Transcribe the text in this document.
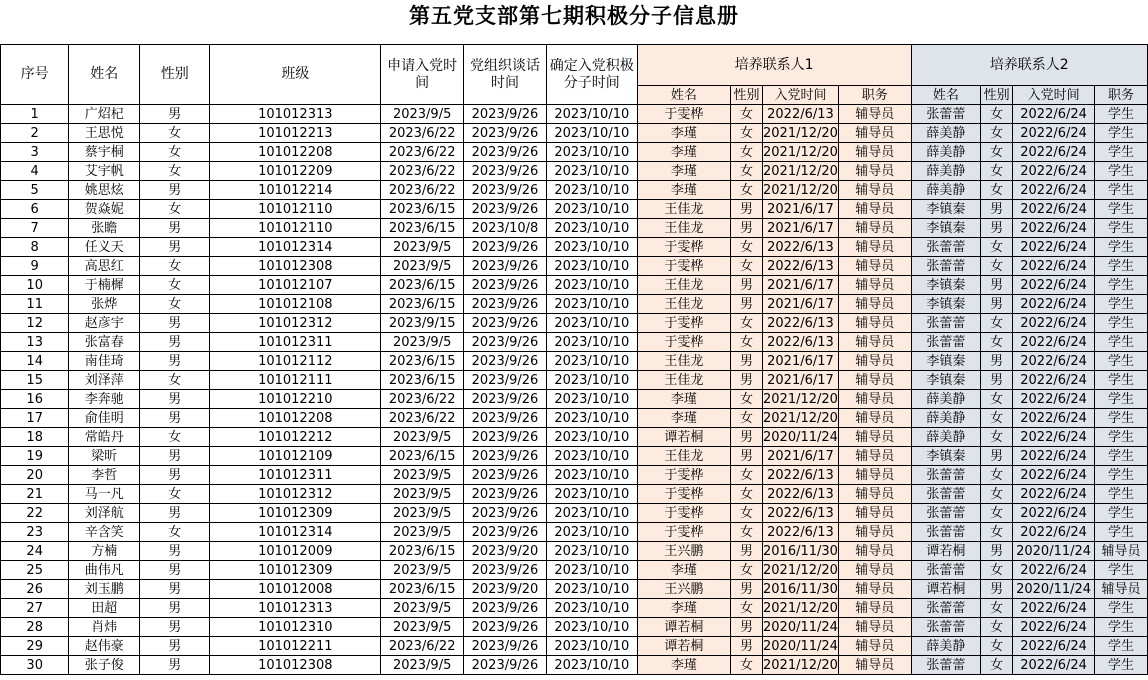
第五党支部第七期积极分子信息册
序号	姓名	性别	班级	申请入党时间	党组织谈话时间	确定入党积极分子时间	培养联系人1				培养联系人2			
							姓名	性别	入党时间	职务	姓名	性别	入党时间	职务
1	广炤杞	男	101012313	2023/9/5	2023/9/26	2023/10/10	于雯桦	女	2022/6/13	辅导员	张蕾蕾	女	2022/6/24	学生
2	王思悦	女	101012213	2023/6/22	2023/9/26	2023/10/10	李瑾	女	2021/12/20	辅导员	薛美静	女	2022/6/24	学生
3	蔡宇桐	女	101012208	2023/6/22	2023/9/26	2023/10/10	李瑾	女	2021/12/20	辅导员	薛美静	女	2022/6/24	学生
4	艾宇帆	女	101012209	2023/6/22	2023/9/26	2023/10/10	李瑾	女	2021/12/20	辅导员	薛美静	女	2022/6/24	学生
5	姚思炫	男	101012214	2023/6/22	2023/9/26	2023/10/10	李瑾	女	2021/12/20	辅导员	薛美静	女	2022/6/24	学生
6	贺焱妮	女	101012110	2023/6/15	2023/9/26	2023/10/10	王佳龙	男	2021/6/17	辅导员	李镇秦	男	2022/6/24	学生
7	张瞻	男	101012110	2023/6/15	2023/10/8	2023/10/10	王佳龙	男	2021/6/17	辅导员	李镇秦	男	2022/6/24	学生
8	任义天	男	101012314	2023/9/5	2023/9/26	2023/10/10	于雯桦	女	2022/6/13	辅导员	张蕾蕾	女	2022/6/24	学生
9	高思红	女	101012308	2023/9/5	2023/9/26	2023/10/10	于雯桦	女	2022/6/13	辅导员	张蕾蕾	女	2022/6/24	学生
10	于楠樨	女	101012107	2023/6/15	2023/9/26	2023/10/10	王佳龙	男	2021/6/17	辅导员	李镇秦	男	2022/6/24	学生
11	张烨	女	101012108	2023/6/15	2023/9/26	2023/10/10	王佳龙	男	2021/6/17	辅导员	李镇秦	男	2022/6/24	学生
12	赵彦宇	男	101012312	2023/9/15	2023/9/26	2023/10/10	于雯桦	女	2022/6/13	辅导员	张蕾蕾	女	2022/6/24	学生
13	张富春	男	101012311	2023/9/5	2023/9/26	2023/10/10	于雯桦	女	2022/6/13	辅导员	张蕾蕾	女	2022/6/24	学生
14	南佳琦	男	101012112	2023/6/15	2023/9/26	2023/10/10	王佳龙	男	2021/6/17	辅导员	李镇秦	男	2022/6/24	学生
15	刘泽萍	女	101012111	2023/6/15	2023/9/26	2023/10/10	王佳龙	男	2021/6/17	辅导员	李镇秦	男	2022/6/24	学生
16	李奔驰	男	101012210	2023/6/22	2023/9/26	2023/10/10	李瑾	女	2021/12/20	辅导员	薛美静	女	2022/6/24	学生
17	俞佳明	男	101012208	2023/6/22	2023/9/26	2023/10/10	李瑾	女	2021/12/20	辅导员	薛美静	女	2022/6/24	学生
18	常皓丹	女	101012212	2023/9/5	2023/9/26	2023/10/10	谭若桐	男	2020/11/24	辅导员	薛美静	女	2022/6/24	学生
19	梁昕	男	101012109	2023/6/15	2023/9/26	2023/10/10	王佳龙	男	2021/6/17	辅导员	李镇秦	男	2022/6/24	学生
20	李哲	男	101012311	2023/9/5	2023/9/26	2023/10/10	于雯桦	女	2022/6/13	辅导员	张蕾蕾	女	2022/6/24	学生
21	马一凡	女	101012312	2023/9/5	2023/9/26	2023/10/10	于雯桦	女	2022/6/13	辅导员	张蕾蕾	女	2022/6/24	学生
22	刘泽航	男	101012309	2023/9/5	2023/9/26	2023/10/10	于雯桦	女	2022/6/13	辅导员	张蕾蕾	女	2022/6/24	学生
23	辛含笑	女	101012314	2023/9/5	2023/9/26	2023/10/10	于雯桦	女	2022/6/13	辅导员	张蕾蕾	女	2022/6/24	学生
24	方楠	男	101012009	2023/6/15	2023/9/20	2023/10/10	王兴鹏	男	2016/11/30	辅导员	谭若桐	男	2020/11/24	辅导员
25	曲伟凡	男	101012309	2023/9/5	2023/9/26	2023/10/10	李瑾	女	2021/12/20	辅导员	张蕾蕾	女	2022/6/24	学生
26	刘玉鹏	男	101012008	2023/6/15	2023/9/20	2023/10/10	王兴鹏	男	2016/11/30	辅导员	谭若桐	男	2020/11/24	辅导员
27	田超	男	101012313	2023/9/5	2023/9/26	2023/10/10	李瑾	女	2021/12/20	辅导员	张蕾蕾	女	2022/6/24	学生
28	肖炜	男	101012310	2023/9/5	2023/9/26	2023/10/10	谭若桐	男	2020/11/24	辅导员	张蕾蕾	女	2022/6/24	学生
29	赵伟豪	男	101012211	2023/6/22	2023/9/26	2023/10/10	谭若桐	男	2020/11/24	辅导员	薛美静	女	2022/6/24	学生
30	张子俊	男	101012308	2023/9/5	2023/9/26	2023/10/10	李瑾	女	2021/12/20	辅导员	张蕾蕾	女	2022/6/24	学生
